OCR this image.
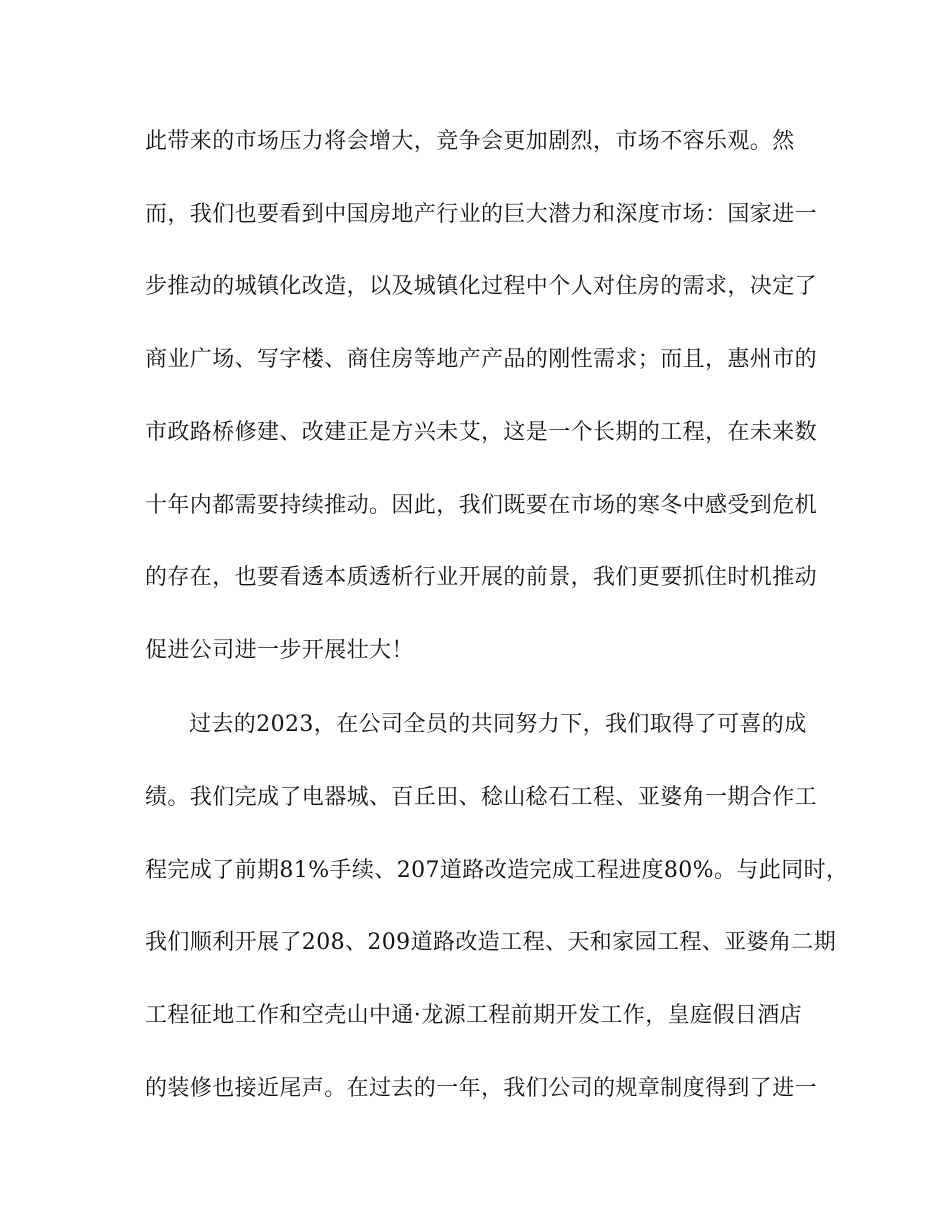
此带来的市场压力将会增大，竞争会更加剧烈，市场不容乐观。然
而，我们也要看到中国房地产行业的巨大潜力和深度市场：国家进一
步推动的城镇化改造，以及城镇化过程中个人对住房的需求，决定了
商业广场、写字楼、商住房等地产产品的刚性需求；而且，惠州市的
市政路桥修建、改建正是方兴未艾，这是一个长期的工程，在未来数
十年内都需要持续推动。因此，我们既要在市场的寒冬中感受到危机
的存在，也要看透本质透析行业开展的前景，我们更要抓住时机推动
促进公司进一步开展壮大！
过去的2023，在公司全员的共同努力下，我们取得了可喜的成
绩。我们完成了电器城、百丘田、稔山稔石工程、亚婆角一期合作工
程完成了前期81%手续、207道路改造完成工程进度80%。与此同时，
我们顺利开展了208、209道路改造工程、天和家园工程、亚婆角二期
工程征地工作和空壳山中通·龙源工程前期开发工作，皇庭假日酒店
的装修也接近尾声。在过去的一年，我们公司的规章制度得到了进一
